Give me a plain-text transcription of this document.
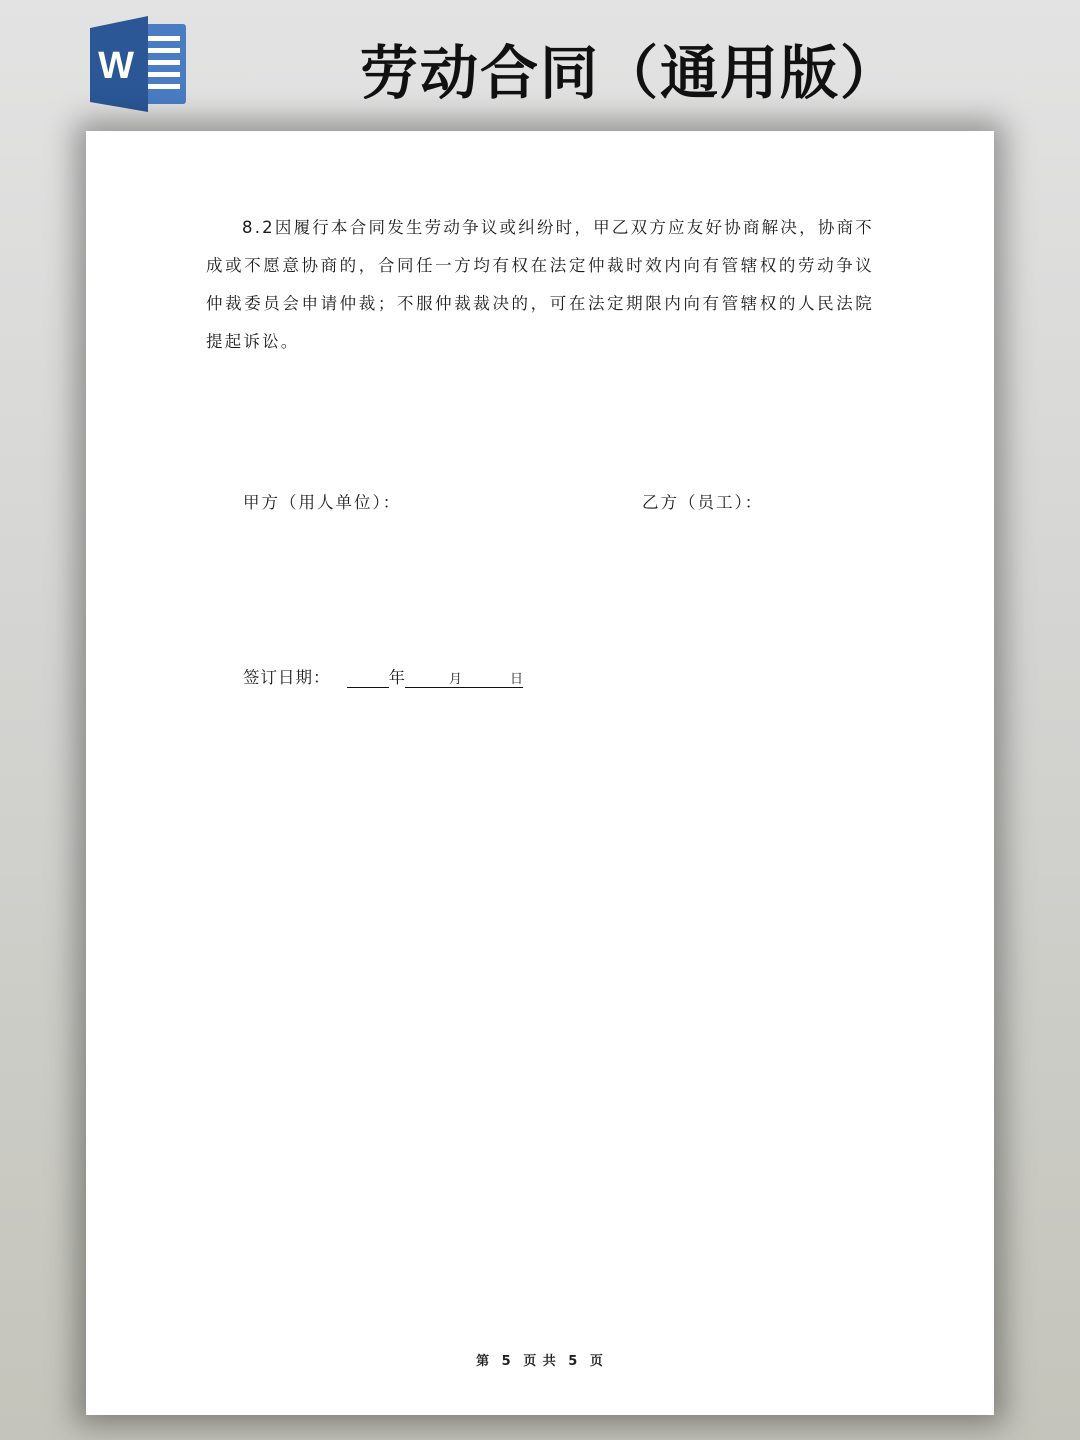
W	劳动合同（通用版）

8.2因履行本合同发生劳动争议或纠纷时，甲乙双方应友好协商解决，协商不成或不愿意协商的，合同任一方均有权在法定仲裁时效内向有管辖权的劳动争议仲裁委员会申请仲裁；不服仲裁裁决的，可在法定期限内向有管辖权的人民法院提起诉讼。

甲方（用人单位）：	乙方（员工）：
签订日期：	年	月	日
第 5 页 共 5 页
